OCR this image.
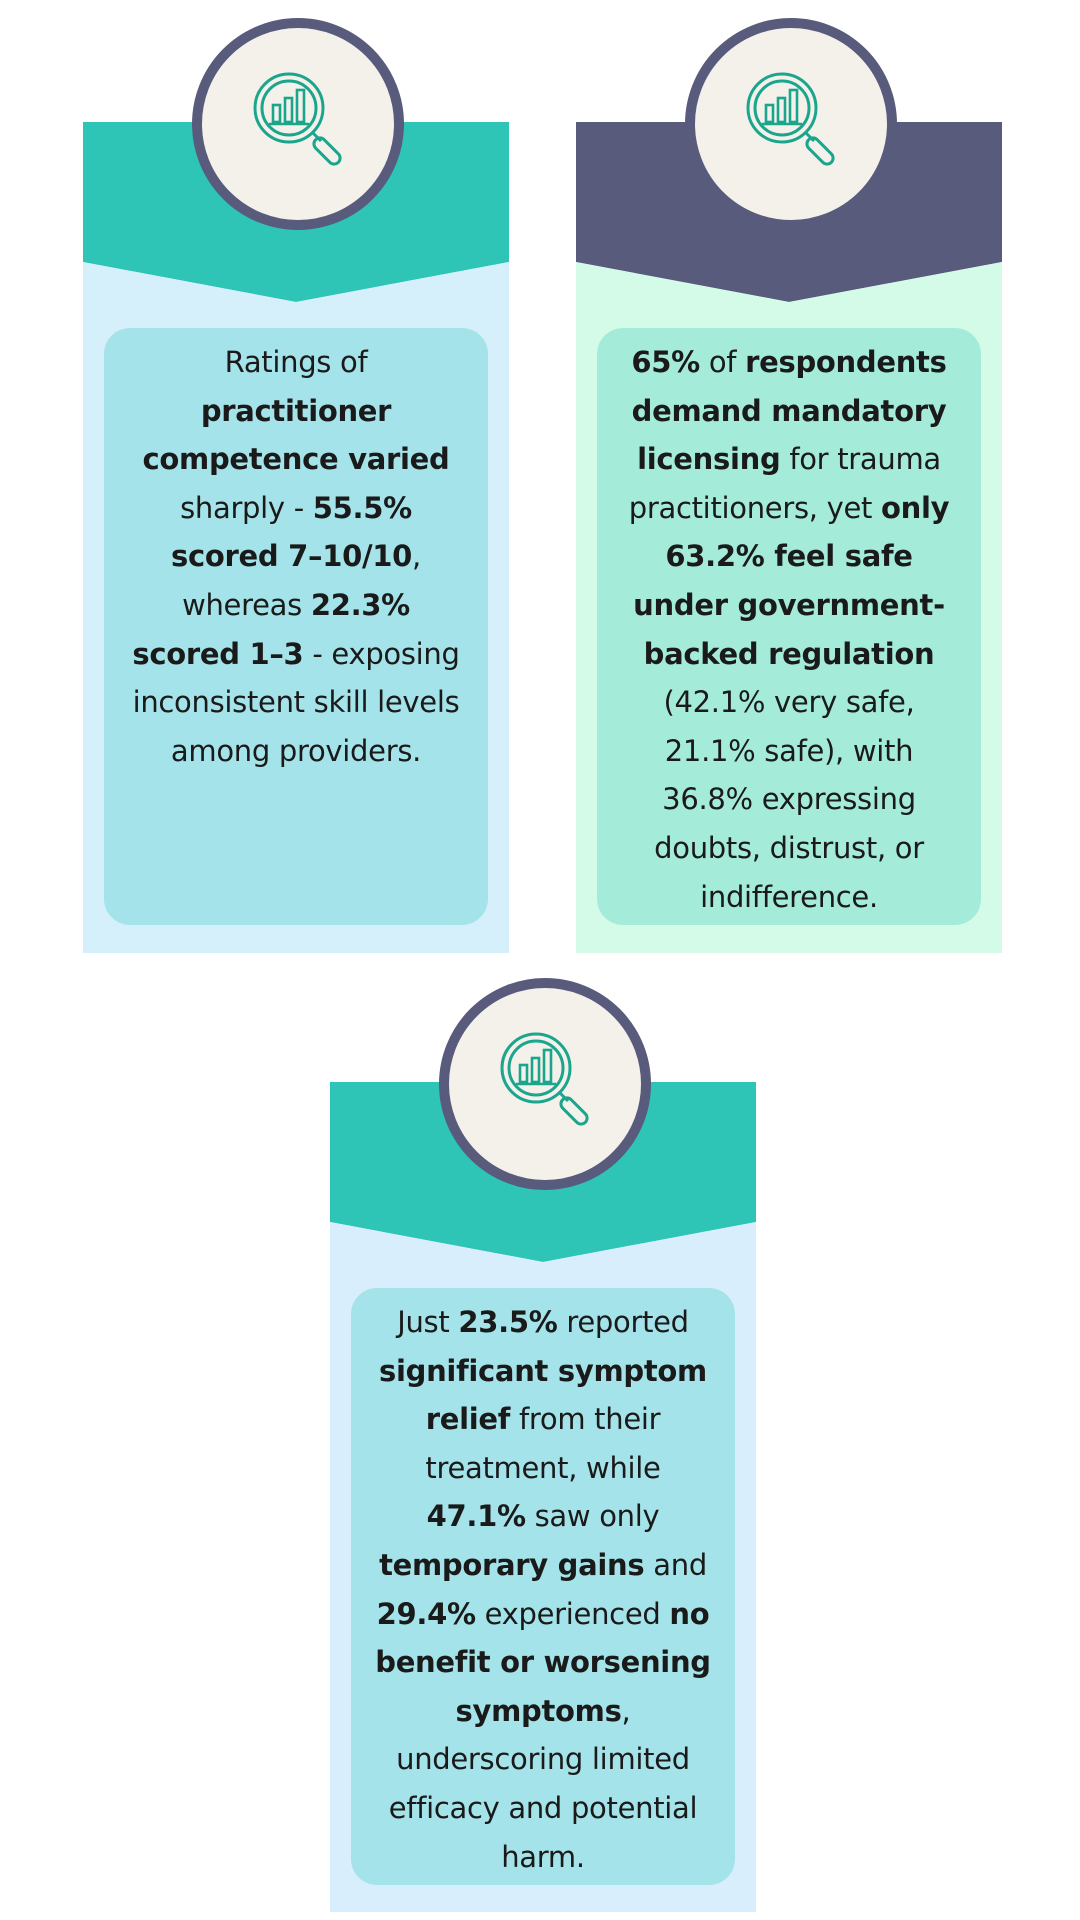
Ratings of practitioner competence varied sharply - 55.5% scored 7–10/10, whereas 22.3% scored 1–3 - exposing inconsistent skill levels among providers.
65% of respondents demand mandatory licensing for trauma practitioners, yet only 63.2% feel safe under government-backed regulation (42.1% very safe, 21.1% safe), with 36.8% expressing doubts, distrust, or indifference.
Just 23.5% reported significant symptom relief from their treatment, while 47.1% saw only temporary gains and 29.4% experienced no benefit or worsening symptoms, underscoring limited efficacy and potential harm.
